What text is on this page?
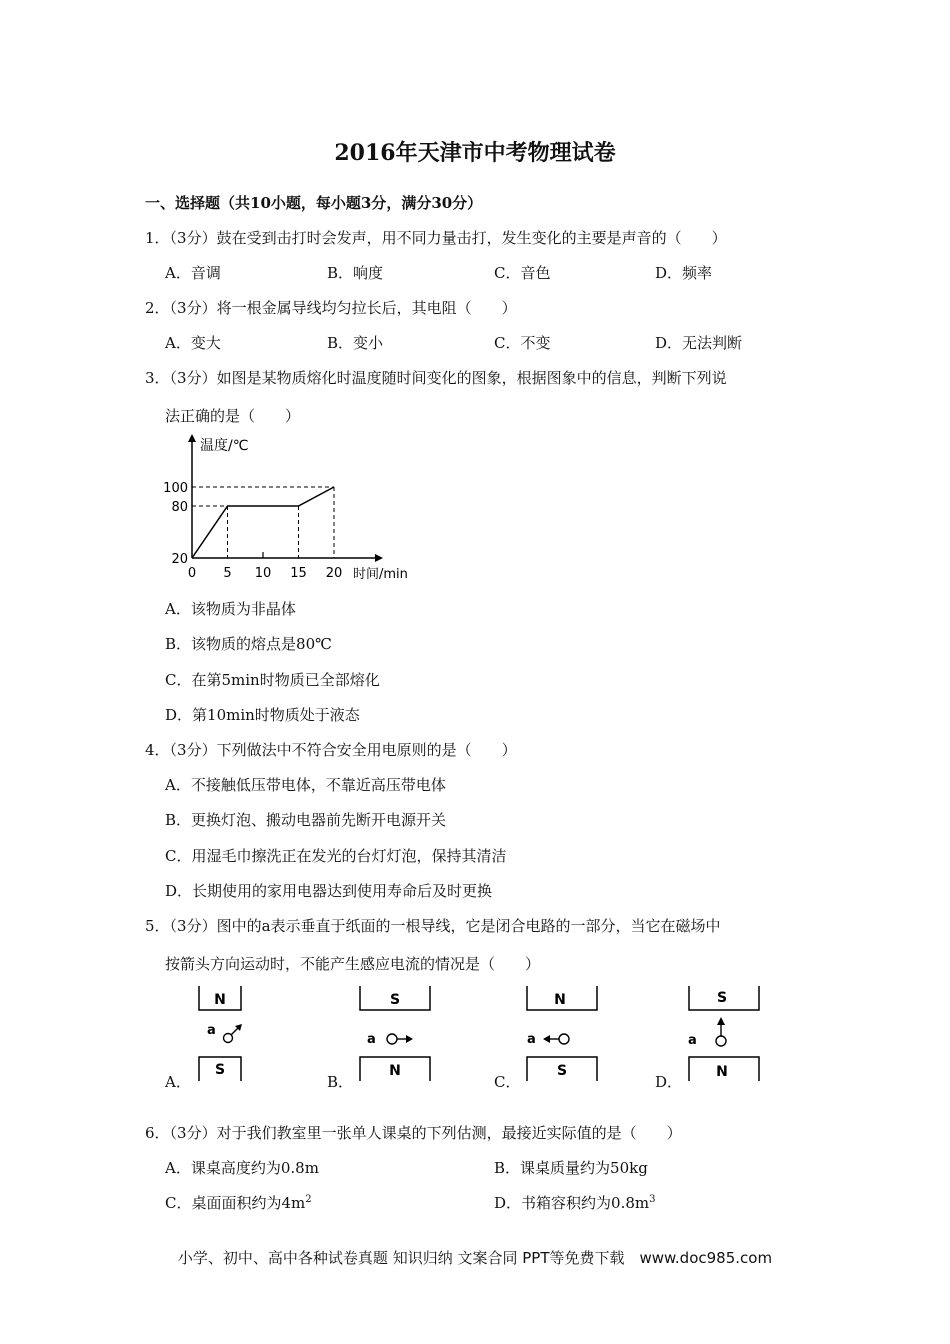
2016年天津市中考物理试卷
一、选择题（共10小题，每小题3分，满分30分）
1．（3分）鼓在受到击打时会发声，用不同力量击打，发生变化的主要是声音的（　　）
A．音调	B．响度	C．音色	D．频率
2．（3分）将一根金属导线均匀拉长后，其电阻（　　）
A．变大	B．变小	C．不变	D．无法判断
3．（3分）如图是某物质熔化时温度随时间变化的图象，根据图象中的信息，判断下列说
法正确的是（　　）
0 5 10 15 20
20
80
100
温度/℃
时间/min
A．该物质为非晶体
B．该物质的熔点是80℃
C．在第5min时物质已全部熔化
D．第10min时物质处于液态
4．（3分）下列做法中不符合安全用电原则的是（　　）
A．不接触低压带电体，不靠近高压带电体
B．更换灯泡、搬动电器前先断开电源开关
C．用湿毛巾擦洗正在发光的台灯灯泡，保持其清洁
D．长期使用的家用电器达到使用寿命后及时更换
5．（3分）图中的a表示垂直于纸面的一根导线，它是闭合电路的一部分，当它在磁场中
按箭头方向运动时，不能产生感应电流的情况是（　　）
A．
N
a
S
B．
S
a
N
C．
N
a
S
D．
S
a
N
6．（3分）对于我们教室里一张单人课桌的下列估测，最接近实际值的是（　　）
A．课桌高度约为0.8m	B．课桌质量约为50kg
C．桌面面积约为$4m^2$	D．书箱容积约为$0.8m^3$
小学、初中、高中各种试卷真题 知识归纳 文案合同 PPT等免费下载　www.doc985.com
